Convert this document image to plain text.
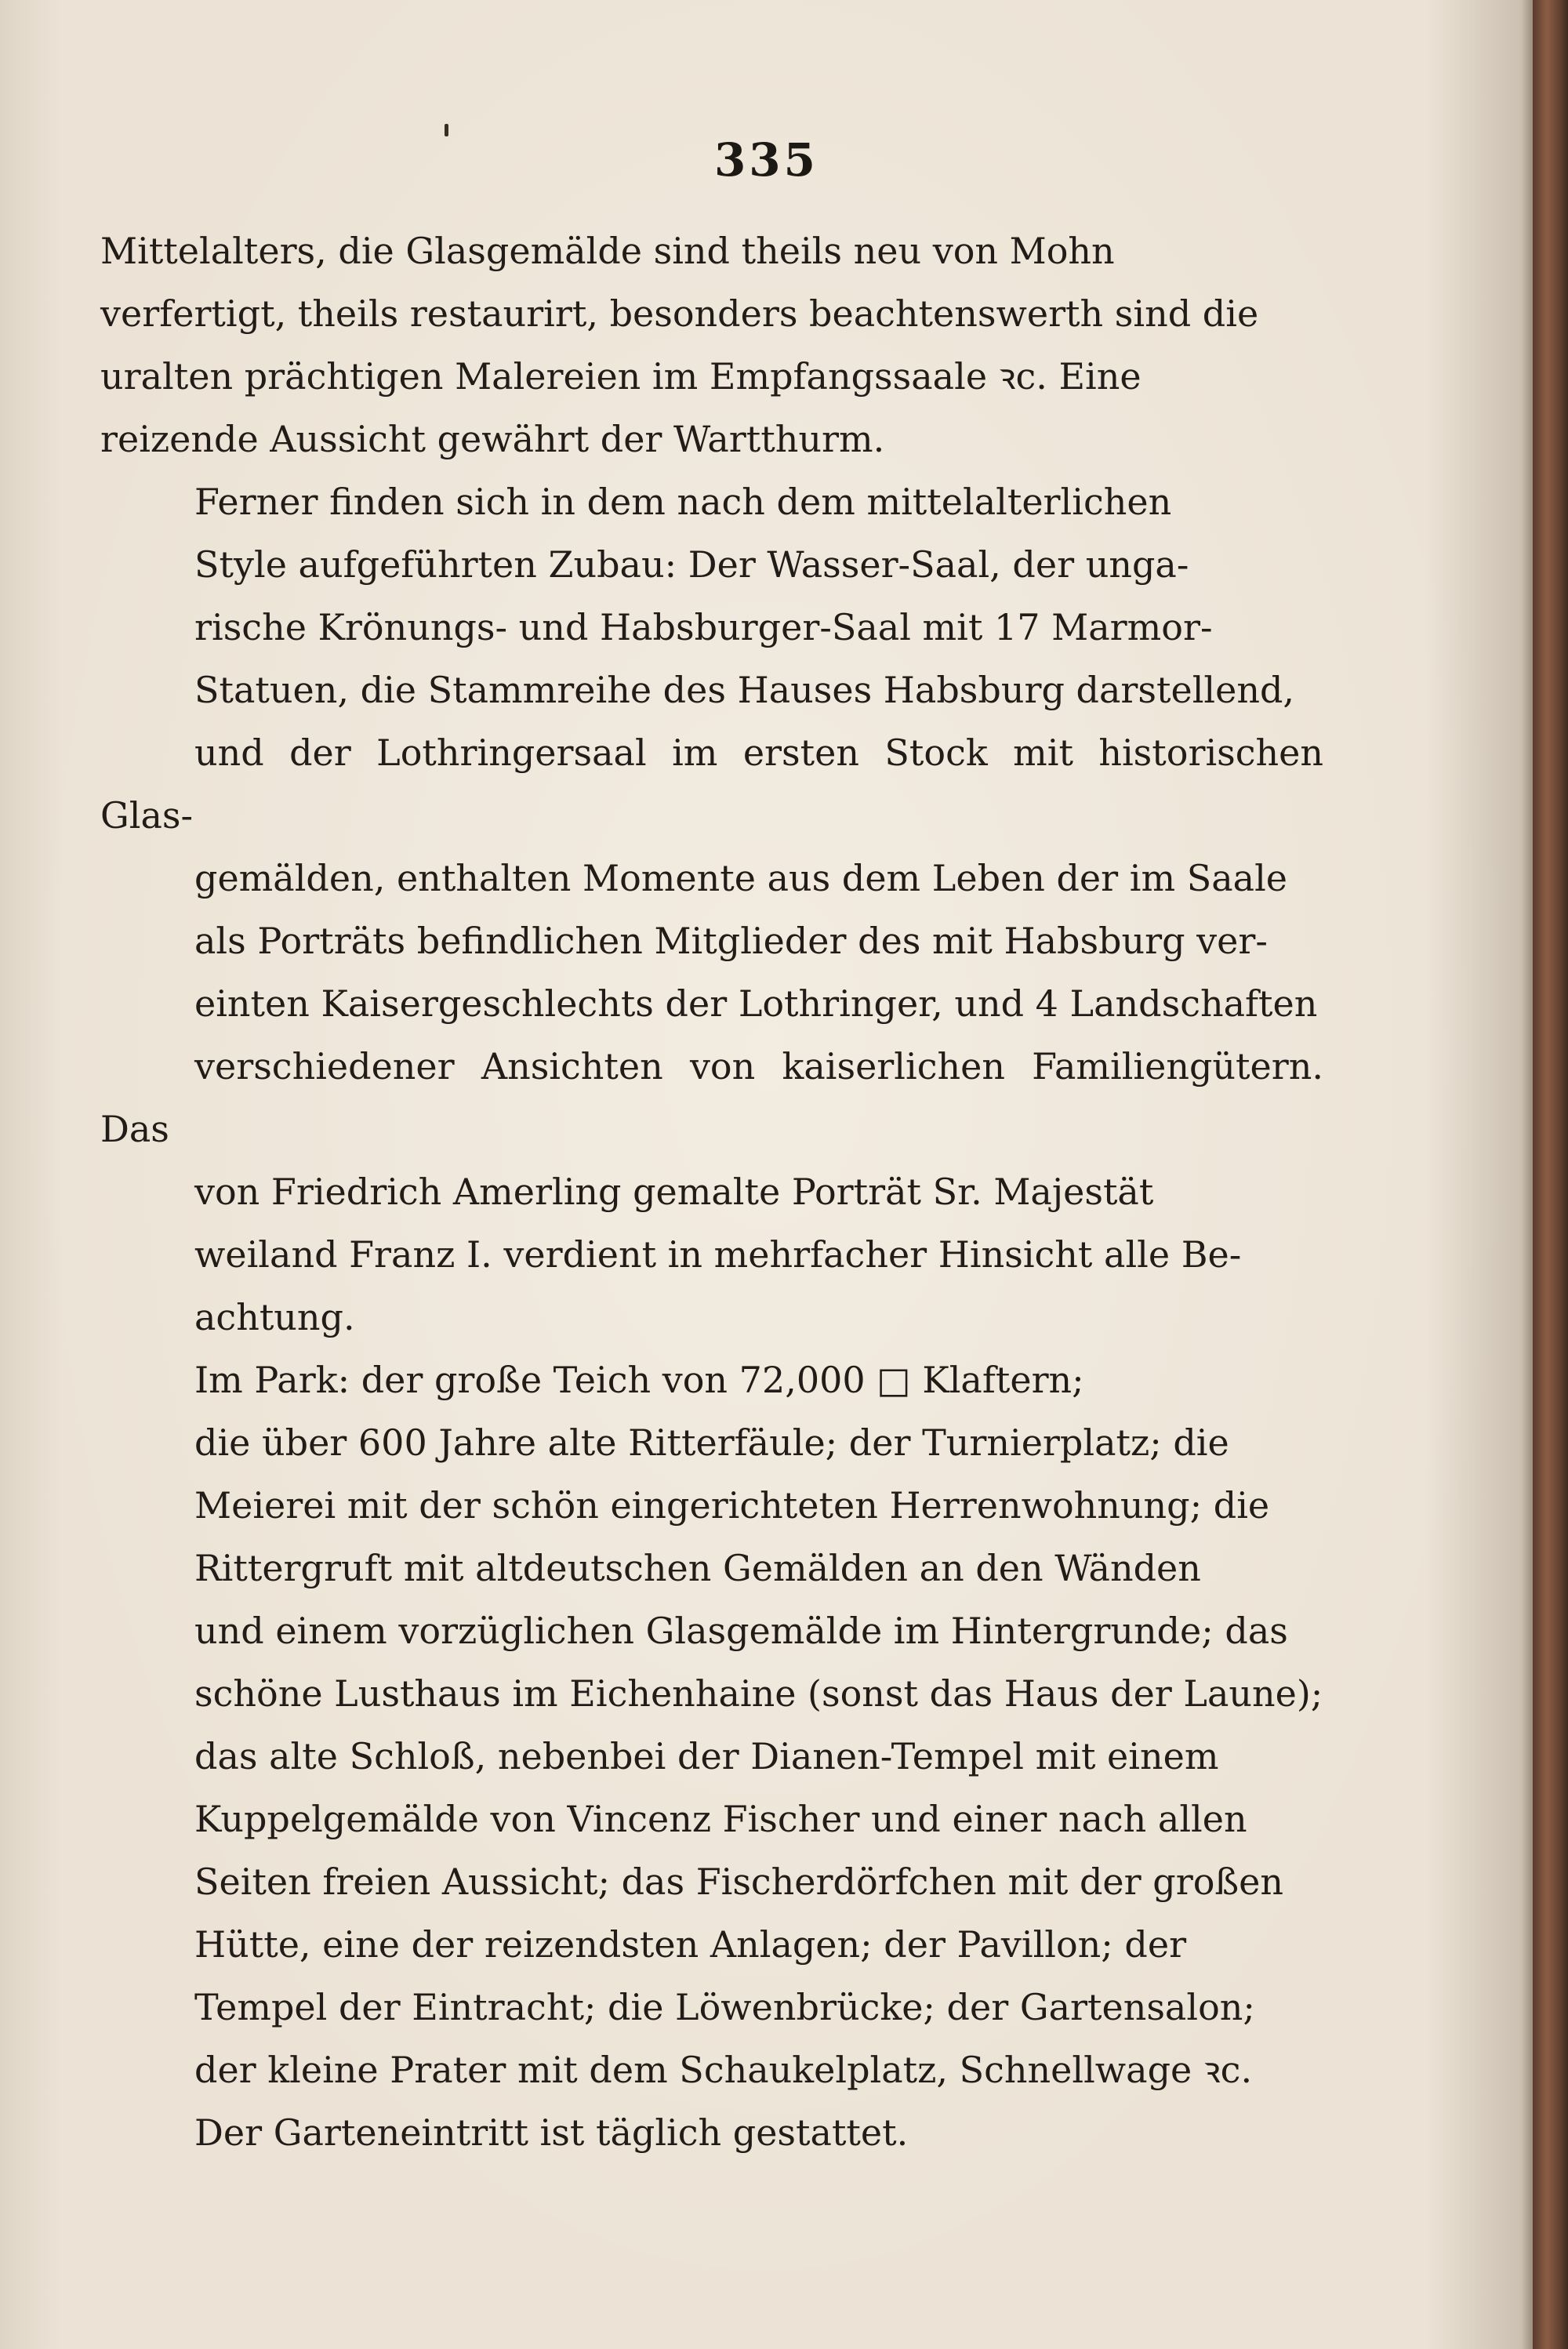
335

Mittelalters, die Glasgemälde sind theils neu von Mohn
verfertigt, theils restaurirt, besonders beachtenswerth sind die
uralten prächtigen Malereien im Empfangssaale ꝛc. Eine
reizende Aussicht gewährt der Wartthurm.

Ferner finden sich in dem nach dem mittelalterlichen
Style aufgeführten Zubau: Der Wasser-Saal, der unga-
rische Krönungs- und Habsburger-Saal mit 17 Marmor-
Statuen, die Stammreihe des Hauses Habsburg darstellend,
und der Lothringersaal im ersten Stock mit historischen Glas-
gemälden, enthalten Momente aus dem Leben der im Saale
als Porträts befindlichen Mitglieder des mit Habsburg ver-
einten Kaisergeschlechts der Lothringer, und 4 Landschaften
verschiedener Ansichten von kaiserlichen Familiengütern. Das
von Friedrich Amerling gemalte Porträt Sr. Majestät
weiland Franz I. verdient in mehrfacher Hinsicht alle Be-
achtung.

Im Park: der große Teich von 72,000 □ Klaftern;
die über 600 Jahre alte Ritterfäule; der Turnierplatz; die
Meierei mit der schön eingerichteten Herrenwohnung; die
Rittergruft mit altdeutschen Gemälden an den Wänden
und einem vorzüglichen Glasgemälde im Hintergrunde; das
schöne Lusthaus im Eichenhaine (sonst das Haus der Laune);
das alte Schloß, nebenbei der Dianen-Tempel mit einem
Kuppelgemälde von Vincenz Fischer und einer nach allen
Seiten freien Aussicht; das Fischerdörfchen mit der großen
Hütte, eine der reizendsten Anlagen; der Pavillon; der
Tempel der Eintracht; die Löwenbrücke; der Gartensalon;
der kleine Prater mit dem Schaukelplatz, Schnellwage ꝛc.

Der Garteneintritt ist täglich gestattet.
